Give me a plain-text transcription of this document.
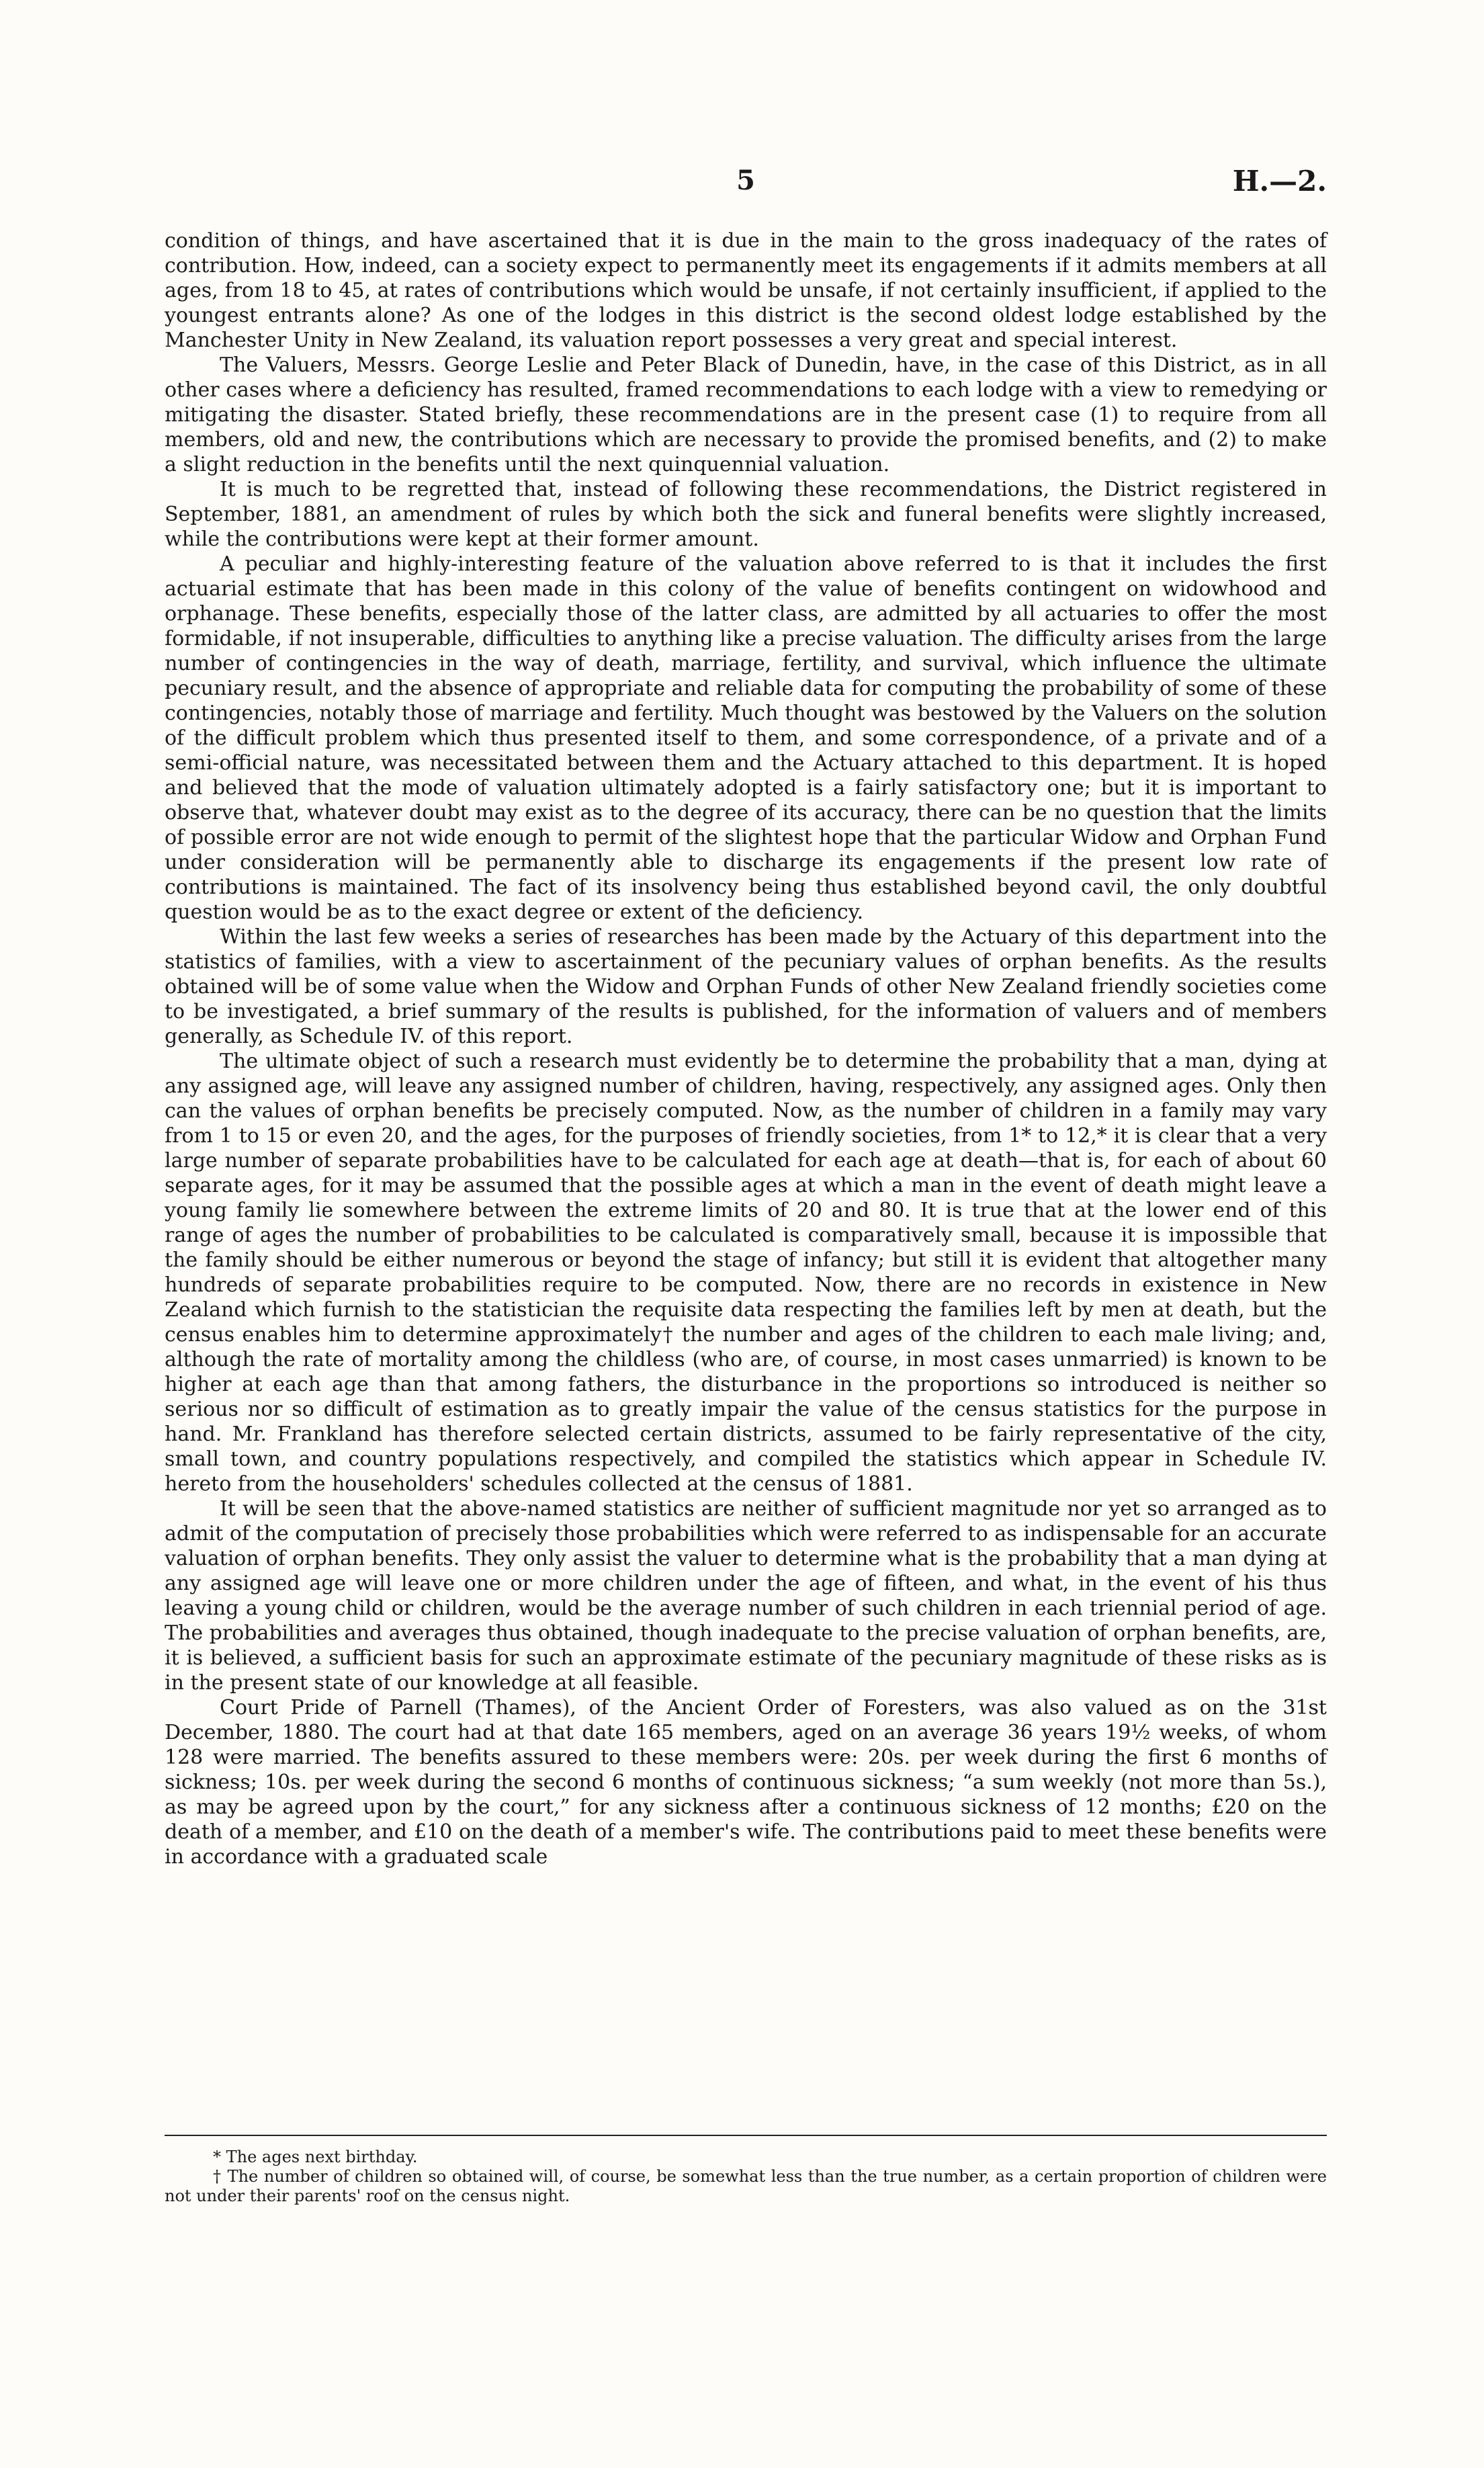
5	H.—2.

condition of things, and have ascertained that it is due in the main to the gross inadequacy of the rates of contribution. How, indeed, can a society expect to permanently meet its engagements if it admits members at all ages, from 18 to 45, at rates of contributions which would be unsafe, if not certainly insufficient, if applied to the youngest entrants alone? As one of the lodges in this district is the second oldest lodge established by the Manchester Unity in New Zealand, its valuation report possesses a very great and special interest.

The Valuers, Messrs. George Leslie and Peter Black of Dunedin, have, in the case of this District, as in all other cases where a deficiency has resulted, framed recommendations to each lodge with a view to remedying or mitigating the disaster. Stated briefly, these recommendations are in the present case (1) to require from all members, old and new, the contributions which are necessary to provide the promised benefits, and (2) to make a slight reduction in the benefits until the next quinquennial valuation.

It is much to be regretted that, instead of following these recommendations, the District registered in September, 1881, an amendment of rules by which both the sick and funeral benefits were slightly increased, while the contributions were kept at their former amount.

A peculiar and highly-interesting feature of the valuation above referred to is that it includes the first actuarial estimate that has been made in this colony of the value of benefits contingent on widowhood and orphanage. These benefits, especially those of the latter class, are admitted by all actuaries to offer the most formidable, if not insuperable, difficulties to anything like a precise valuation. The difficulty arises from the large number of contingencies in the way of death, marriage, fertility, and survival, which influence the ultimate pecuniary result, and the absence of appropriate and reliable data for computing the probability of some of these contingencies, notably those of marriage and fertility. Much thought was bestowed by the Valuers on the solution of the difficult problem which thus presented itself to them, and some correspondence, of a private and of a semi-official nature, was necessitated between them and the Actuary attached to this department. It is hoped and believed that the mode of valuation ultimately adopted is a fairly satisfactory one; but it is important to observe that, whatever doubt may exist as to the degree of its accuracy, there can be no question that the limits of possible error are not wide enough to permit of the slightest hope that the particular Widow and Orphan Fund under consideration will be permanently able to discharge its engagements if the present low rate of contributions is maintained. The fact of its insolvency being thus established beyond cavil, the only doubtful question would be as to the exact degree or extent of the deficiency.

Within the last few weeks a series of researches has been made by the Actuary of this department into the statistics of families, with a view to ascertainment of the pecuniary values of orphan benefits. As the results obtained will be of some value when the Widow and Orphan Funds of other New Zealand friendly societies come to be investigated, a brief summary of the results is published, for the information of valuers and of members generally, as Schedule IV. of this report.

The ultimate object of such a research must evidently be to determine the probability that a man, dying at any assigned age, will leave any assigned number of children, having, respectively, any assigned ages. Only then can the values of orphan benefits be precisely computed. Now, as the number of children in a family may vary from 1 to 15 or even 20, and the ages, for the purposes of friendly societies, from 1* to 12,* it is clear that a very large number of separate probabilities have to be calculated for each age at death—that is, for each of about 60 separate ages, for it may be assumed that the possible ages at which a man in the event of death might leave a young family lie somewhere between the extreme limits of 20 and 80. It is true that at the lower end of this range of ages the number of probabilities to be calculated is comparatively small, because it is impossible that the family should be either numerous or beyond the stage of infancy; but still it is evident that altogether many hundreds of separate probabilities require to be computed. Now, there are no records in existence in New Zealand which furnish to the statistician the requisite data respecting the families left by men at death, but the census enables him to determine approximately† the number and ages of the children to each male living; and, although the rate of mortality among the childless (who are, of course, in most cases unmarried) is known to be higher at each age than that among fathers, the disturbance in the proportions so introduced is neither so serious nor so difficult of estimation as to greatly impair the value of the census statistics for the purpose in hand. Mr. Frankland has therefore selected certain districts, assumed to be fairly representative of the city, small town, and country populations respectively, and compiled the statistics which appear in Schedule IV. hereto from the householders' schedules collected at the census of 1881.

It will be seen that the above-named statistics are neither of sufficient magnitude nor yet so arranged as to admit of the computation of precisely those probabilities which were referred to as indispensable for an accurate valuation of orphan benefits. They only assist the valuer to determine what is the probability that a man dying at any assigned age will leave one or more children under the age of fifteen, and what, in the event of his thus leaving a young child or children, would be the average number of such children in each triennial period of age. The probabilities and averages thus obtained, though inadequate to the precise valuation of orphan benefits, are, it is believed, a sufficient basis for such an approximate estimate of the pecuniary magnitude of these risks as is in the present state of our knowledge at all feasible.

Court Pride of Parnell (Thames), of the Ancient Order of Foresters, was also valued as on the 31st December, 1880. The court had at that date 165 members, aged on an average 36 years 19½ weeks, of whom 128 were married. The benefits assured to these members were: 20s. per week during the first 6 months of sickness; 10s. per week during the second 6 months of continuous sickness; “a sum weekly (not more than 5s.), as may be agreed upon by the court,” for any sickness after a continuous sickness of 12 months; £20 on the death of a member, and £10 on the death of a member's wife. The contributions paid to meet these benefits were in accordance with a graduated scale

* The ages next birthday.

† The number of children so obtained will, of course, be somewhat less than the true number, as a certain proportion of children were not under their parents' roof on the census night.
